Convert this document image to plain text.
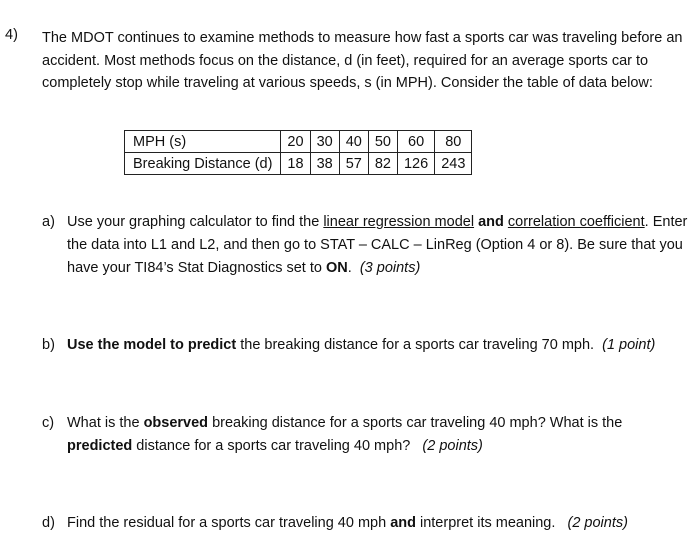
4) The MDOT continues to examine methods to measure how fast a sports car was traveling before an accident. Most methods focus on the distance, d (in feet), required for an average sports car to completely stop while traveling at various speeds, s (in MPH). Consider the table of data below:
MPH (s)	20	30	40	50	60	80
Breaking Distance (d)	18	38	57	82	126	243
a) Use your graphing calculator to find the linear regression model and correlation coefficient. Enter the data into L1 and L2, and then go to STAT – CALC – LinReg (Option 4 or 8). Be sure that you have your TI84’s Stat Diagnostics set to ON. (3 points)
b) Use the model to predict the breaking distance for a sports car traveling 70 mph. (1 point)
c) What is the observed breaking distance for a sports car traveling 40 mph? What is the predicted distance for a sports car traveling 40 mph? (2 points)
d) Find the residual for a sports car traveling 40 mph and interpret its meaning. (2 points)
